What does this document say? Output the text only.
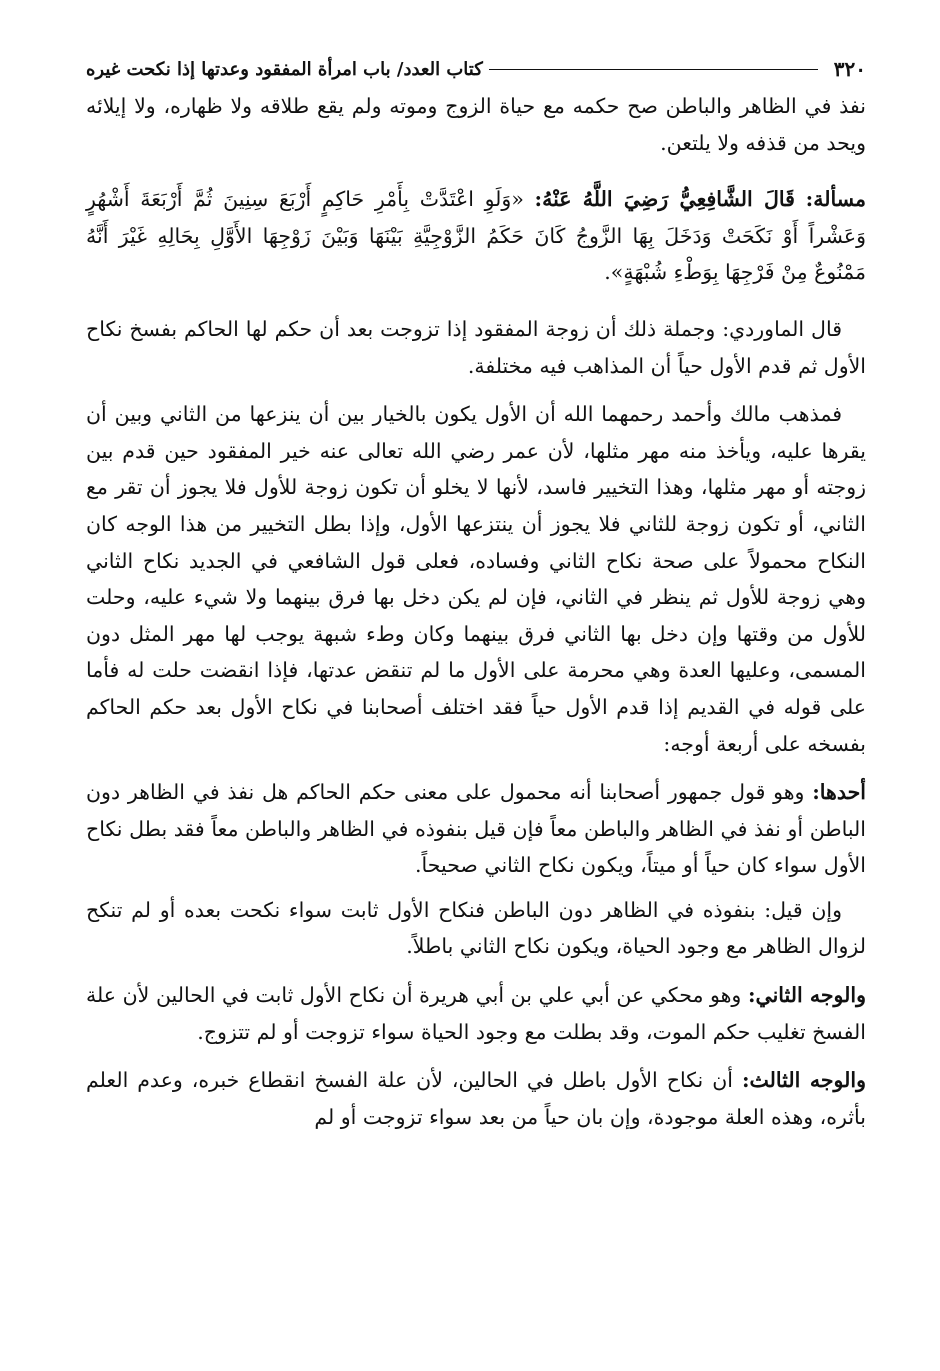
٣٢٠
كتاب العدد/ باب امرأة المفقود وعدتها إذا نكحت غيره

نفذ في الظاهر والباطن صح حكمه مع حياة الزوج وموته ولم يقع طلاقه ولا ظهاره، ولا إيلائه ويحد من قذفه ولا يلتعن.

مسألة: قَالَ الشَّافِعِيُّ رَضِيَ اللَّهُ عَنْهُ: «وَلَوِ اعْتَدَّتْ بِأَمْرِ حَاكِمٍ أَرْبَعَ سِنِينَ ثُمَّ أَرْبَعَةَ أَشْهُرٍ وَعَشْراً أَوْ نَكَحَتْ وَدَخَلَ بِهَا الزَّوجُ كَانَ حَكَمُ الزَّوْجِيَّةِ بَيْنَهَا وَبَيْنَ زَوْجِهَا الأَوَّلِ بِحَالِهِ غَيْرَ أَنَّهُ مَمْنُوعٌ مِنْ فَرْجِهَا بِوَطْءِ شُبْهَةٍ».

قال الماوردي: وجملة ذلك أن زوجة المفقود إذا تزوجت بعد أن حكم لها الحاكم بفسخ نكاح الأول ثم قدم الأول حياً أن المذاهب فيه مختلفة.

فمذهب مالك وأحمد رحمهما الله أن الأول يكون بالخيار بين أن ينزعها من الثاني وبين أن يقرها عليه، ويأخذ منه مهر مثلها، لأن عمر رضي الله تعالى عنه خير المفقود حين قدم بين زوجته أو مهر مثلها، وهذا التخيير فاسد، لأنها لا يخلو أن تكون زوجة للأول فلا يجوز أن تقر مع الثاني، أو تكون زوجة للثاني فلا يجوز أن ينتزعها الأول، وإذا بطل التخيير من هذا الوجه كان النكاح محمولاً على صحة نكاح الثاني وفساده، فعلى قول الشافعي في الجديد نكاح الثاني وهي زوجة للأول ثم ينظر في الثاني، فإن لم يكن دخل بها فرق بينهما ولا شيء عليه، وحلت للأول من وقتها وإن دخل بها الثاني فرق بينهما وكان وطء شبهة يوجب لها مهر المثل دون المسمى، وعليها العدة وهي محرمة على الأول ما لم تنقض عدتها، فإذا انقضت حلت له فأما على قوله في القديم إذا قدم الأول حياً فقد اختلف أصحابنا في نكاح الأول بعد حكم الحاكم بفسخه على أربعة أوجه:

أحدها: وهو قول جمهور أصحابنا أنه محمول على معنى حكم الحاكم هل نفذ في الظاهر دون الباطن أو نفذ في الظاهر والباطن معاً فإن قيل بنفوذه في الظاهر والباطن معاً فقد بطل نكاح الأول سواء كان حياً أو ميتاً، ويكون نكاح الثاني صحيحاً.

وإن قيل: بنفوذه في الظاهر دون الباطن فنكاح الأول ثابت سواء نكحت بعده أو لم تنكح لزوال الظاهر مع وجود الحياة، ويكون نكاح الثاني باطلاً.

والوجه الثاني: وهو محكي عن أبي علي بن أبي هريرة أن نكاح الأول ثابت في الحالين لأن علة الفسخ تغليب حكم الموت، وقد بطلت مع وجود الحياة سواء تزوجت أو لم تتزوج.

والوجه الثالث: أن نكاح الأول باطل في الحالين، لأن علة الفسخ انقطاع خبره، وعدم العلم بأثره، وهذه العلة موجودة، وإن بان حياً من بعد سواء تزوجت أو لم
